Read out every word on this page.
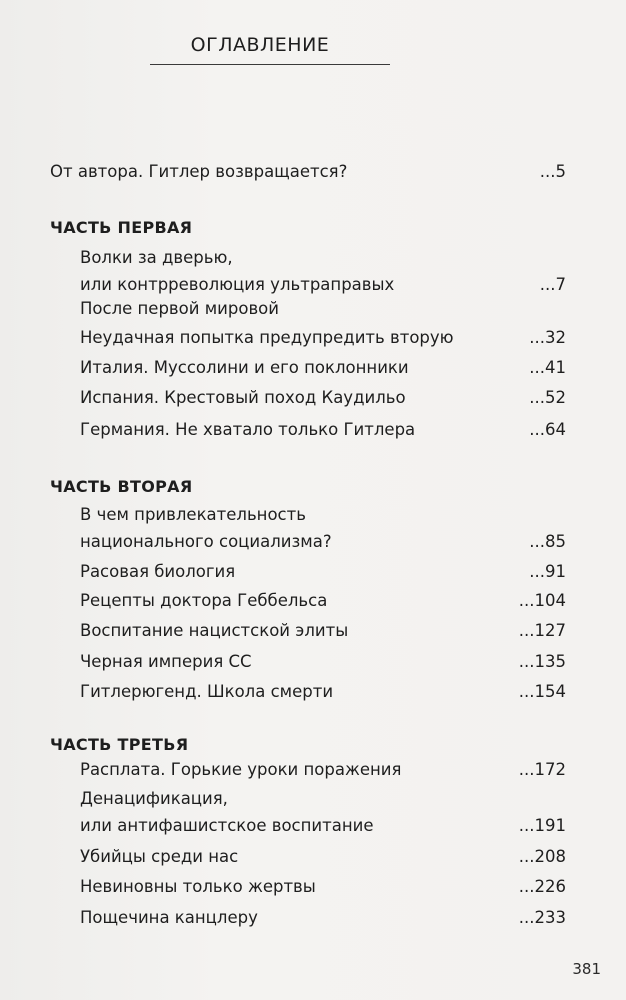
ОГЛАВЛЕНИЕ
От автора. Гитлер возвращается?	...5
ЧАСТЬ ПЕРВАЯ
Волки за дверью,
или контрреволюция ультраправых	...7
После первой мировой
Неудачная попытка предупредить вторую	...32
Италия. Муссолини и его поклонники	...41
Испания. Крестовый поход Каудильо	...52
Германия. Не хватало только Гитлера	...64
ЧАСТЬ ВТОРАЯ
В чем привлекательность
национального социализма?	...85
Расовая биология	...91
Рецепты доктора Геббельса	...104
Воспитание нацистской элиты	...127
Черная империя СС	...135
Гитлерюгенд. Школа смерти	...154
ЧАСТЬ ТРЕТЬЯ
Расплата. Горькие уроки поражения	...172
Денацификация,
или антифашистское воспитание	...191
Убийцы среди нас	...208
Невиновны только жертвы	...226
Пощечина канцлеру	...233
381
